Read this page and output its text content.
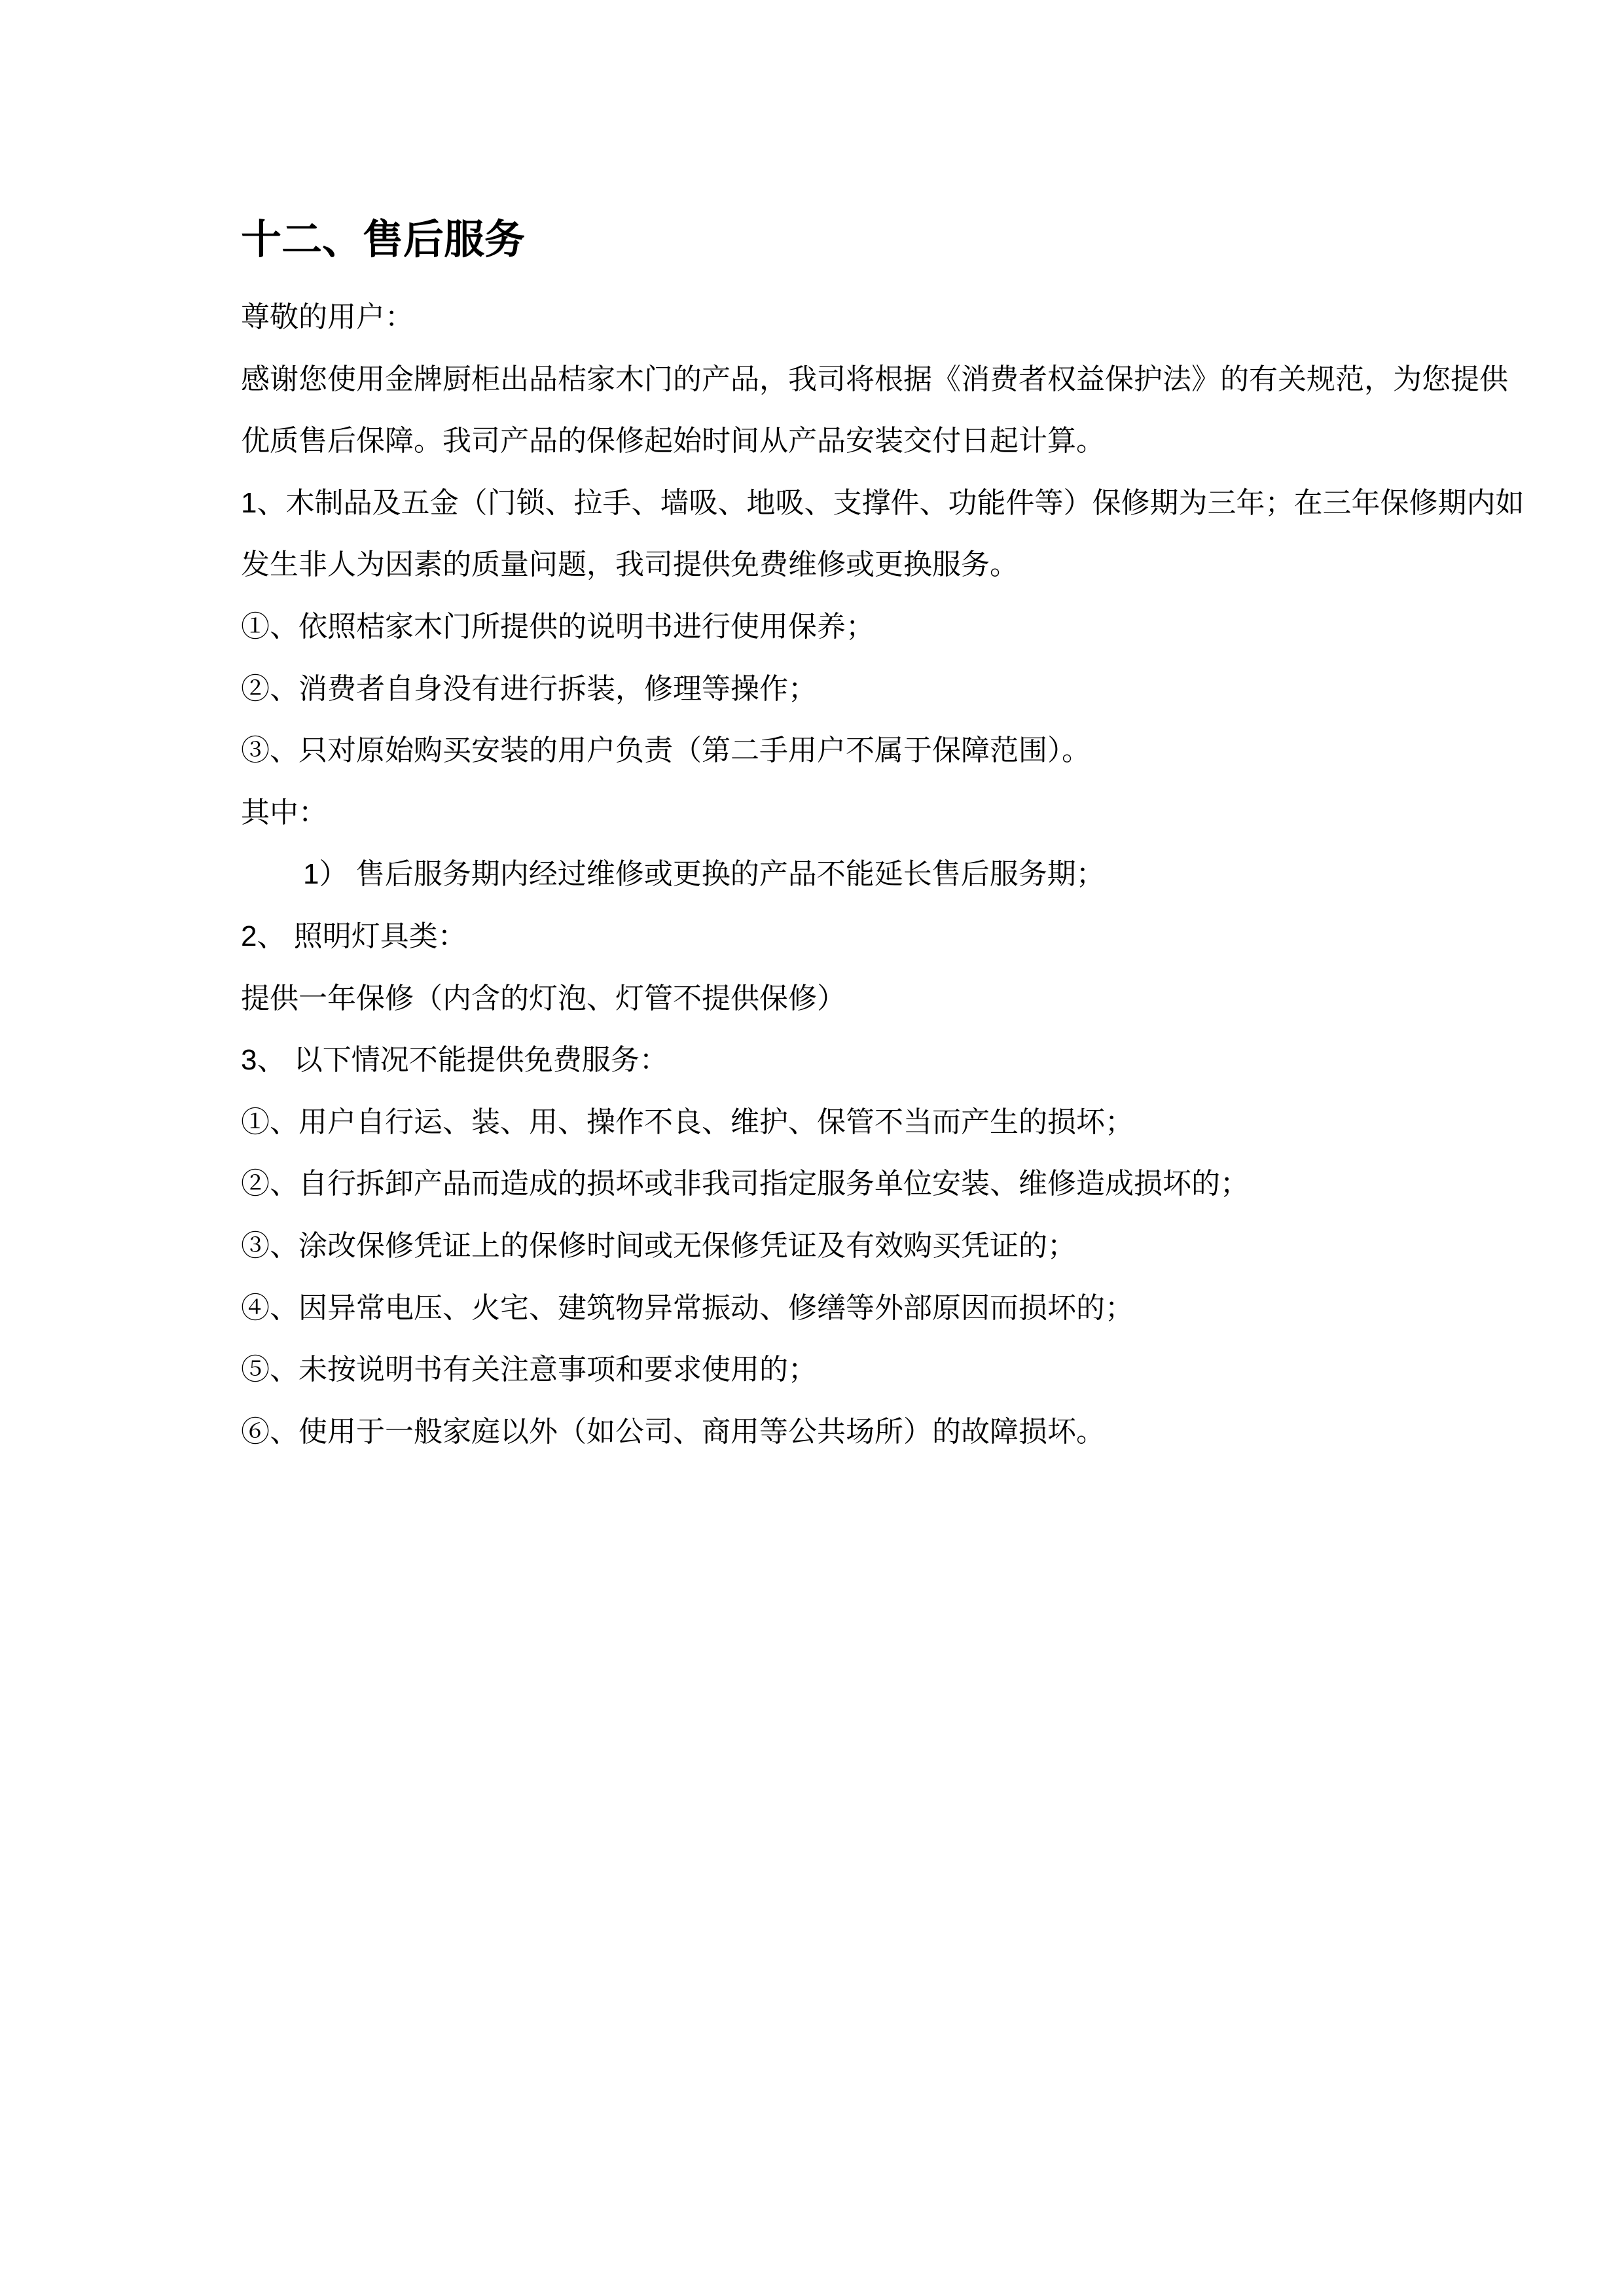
十二、售后服务
尊敬的用户：
感谢您使用金牌厨柜出品桔家木门的产品，我司将根据《消费者权益保护法》的有关规范，为您提供
优质售后保障。我司产品的保修起始时间从产品安装交付日起计算。
1、木制品及五金（门锁、拉手、墙吸、地吸、支撑件、功能件等）保修期为三年；在三年保修期内如
发生非人为因素的质量问题，我司提供免费维修或更换服务。
①、依照桔家木门所提供的说明书进行使用保养；
②、消费者自身没有进行拆装，修理等操作；
③、只对原始购买安装的用户负责（第二手用户不属于保障范围）。
其中：
1） 售后服务期内经过维修或更换的产品不能延长售后服务期；
2、 照明灯具类：
提供一年保修（内含的灯泡、灯管不提供保修）
3、 以下情况不能提供免费服务：
①、用户自行运、装、用、操作不良、维护、保管不当而产生的损坏；
②、自行拆卸产品而造成的损坏或非我司指定服务单位安装、维修造成损坏的；
③、涂改保修凭证上的保修时间或无保修凭证及有效购买凭证的；
④、因异常电压、火宅、建筑物异常振动、修缮等外部原因而损坏的；
⑤、未按说明书有关注意事项和要求使用的；
⑥、使用于一般家庭以外（如公司、商用等公共场所）的故障损坏。
